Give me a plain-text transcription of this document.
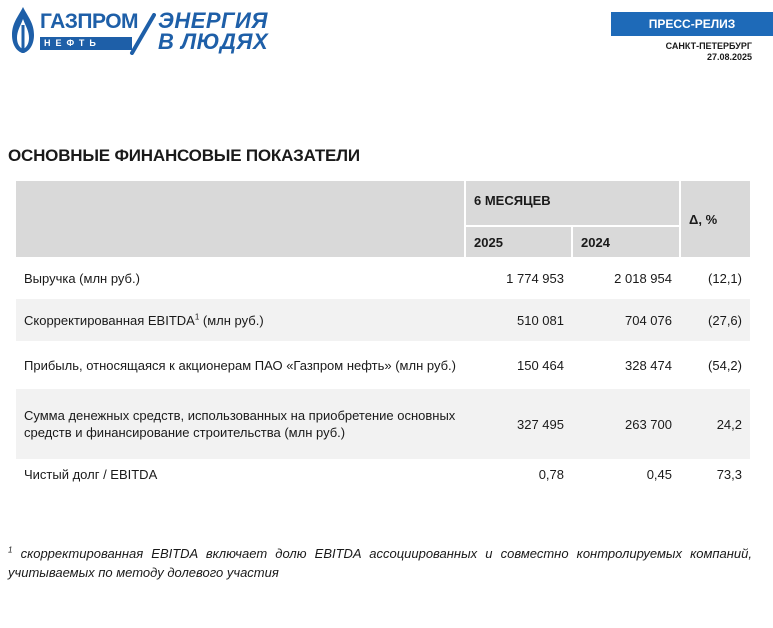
ГАЗПРОМ
НЕФТЬ
ЭНЕРГИЯ
В ЛЮДЯХ
ПРЕСС-РЕЛИЗ
САНКТ-ПЕТЕРБУРГ
27.08.2025
ОСНОВНЫЕ ФИНАНСОВЫЕ ПОКАЗАТЕЛИ
	6 МЕСЯЦЕВ		Δ, %
	2025	2024	
Выручка (млн руб.)	1 774 953	2 018 954	(12,1)
Скорректированная EBITDA$^1$ (млн руб.)	510 081	704 076	(27,6)
Прибыль, относящаяся к акционерам ПАО «Газпром нефть» (млн руб.)	150 464	328 474	(54,2)
Сумма денежных средств, использованных на приобретение основных средств и финансирование строительства (млн руб.)	327 495	263 700	24,2
Чистый долг / EBITDA	0,78	0,45	73,3
$^1$ скорректированная EBITDA включает долю EBITDA ассоциированных и совместно контролируемых компаний, учитываемых по методу долевого участия
